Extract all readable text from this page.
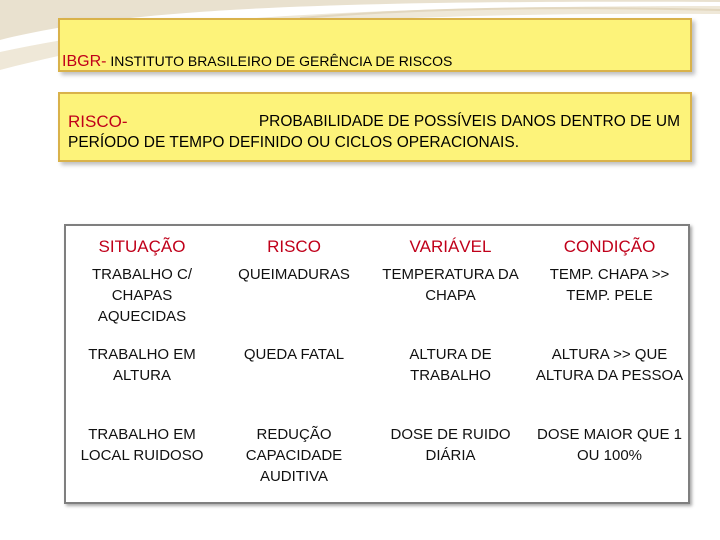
IBGR- INSTITUTO BRASILEIRO DE GERÊNCIA DE RISCOS
RISCO-	PROBABILIDADE DE POSSÍVEIS DANOS DENTRO DE UM
PERÍODO DE TEMPO DEFINIDO OU CICLOS OPERACIONAIS.
SITUAÇÃO	RISCO	VARIÁVEL	CONDIÇÃO
TRABALHO C/ CHAPAS AQUECIDAS	QUEIMADURAS	TEMPERATURA DA CHAPA	TEMP. CHAPA >> TEMP. PELE
TRABALHO EM ALTURA	QUEDA FATAL	ALTURA DE TRABALHO	ALTURA >> QUE ALTURA DA PESSOA
TRABALHO EM LOCAL RUIDOSO	REDUÇÃO CAPACIDADE AUDITIVA	DOSE DE RUIDO DIÁRIA	DOSE MAIOR QUE 1 OU 100%
